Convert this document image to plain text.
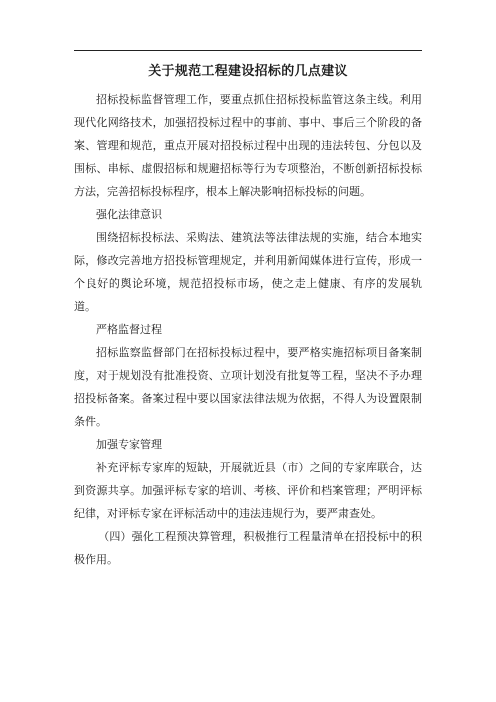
关于规范工程建设招标的几点建议

招标投标监督管理工作，要重点抓住招标投标监管这条主线。利用现代化网络技术，加强招投标过程中的事前、事中、事后三个阶段的备案、管理和规范，重点开展对招投标过程中出现的违法转包、分包以及围标、串标、虚假招标和规避招标等行为专项整治，不断创新招标投标方法，完善招标投标程序，根本上解决影响招标投标的问题。

强化法律意识

围绕招标投标法、采购法、建筑法等法律法规的实施，结合本地实际，修改完善地方招投标管理规定，并利用新闻媒体进行宣传，形成一个良好的舆论环境，规范招投标市场，使之走上健康、有序的发展轨道。

严格监督过程

招标监察监督部门在招标投标过程中，要严格实施招标项目备案制度，对于规划没有批准投资、立项计划没有批复等工程，坚决不予办理招投标备案。备案过程中要以国家法律法规为依据，不得人为设置限制条件。

加强专家管理

补充评标专家库的短缺，开展就近县（市）之间的专家库联合，达到资源共享。加强评标专家的培训、考核、评价和档案管理；严明评标纪律，对评标专家在评标活动中的违法违规行为，要严肃查处。

（四）强化工程预决算管理，积极推行工程量清单在招投标中的积极作用。
